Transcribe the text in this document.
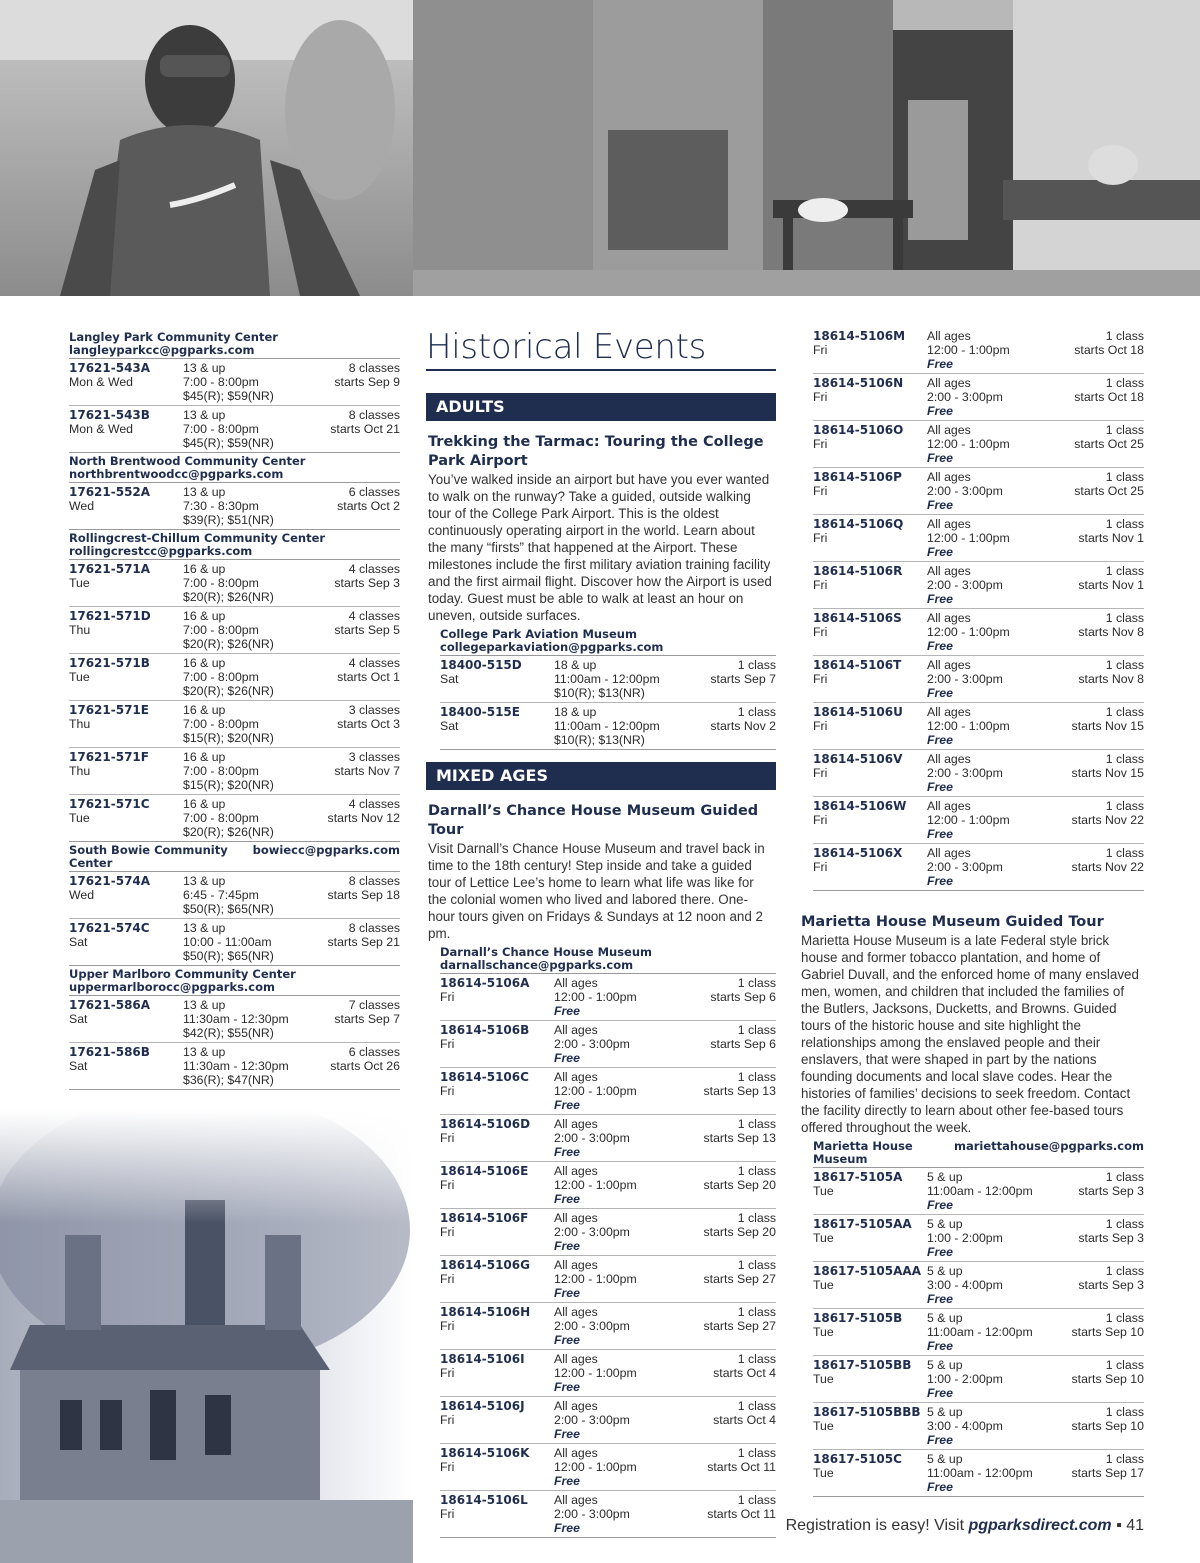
Langley Park Community Center
langleyparkcc@pgparks.com
17621-543A
Mon & Wed
13 & up
7:00 - 8:00pm
$45(R); $59(NR)
8 classes
starts Sep 9
17621-543B
Mon & Wed
13 & up
7:00 - 8:00pm
$45(R); $59(NR)
8 classes
starts Oct 21
North Brentwood Community Center
northbrentwoodcc@pgparks.com
17621-552A
Wed
13 & up
7:30 - 8:30pm
$39(R); $51(NR)
6 classes
starts Oct 2
Rollingcrest-Chillum Community Center
rollingcrestcc@pgparks.com
17621-571A
Tue
16 & up
7:00 - 8:00pm
$20(R); $26(NR)
4 classes
starts Sep 3
17621-571D
Thu
16 & up
7:00 - 8:00pm
$20(R); $26(NR)
4 classes
starts Sep 5
17621-571B
Tue
16 & up
7:00 - 8:00pm
$20(R); $26(NR)
4 classes
starts Oct 1
17621-571E
Thu
16 & up
7:00 - 8:00pm
$15(R); $20(NR)
3 classes
starts Oct 3
17621-571F
Thu
16 & up
7:00 - 8:00pm
$15(R); $20(NR)
3 classes
starts Nov 7
17621-571C
Tue
16 & up
7:00 - 8:00pm
$20(R); $26(NR)
4 classes
starts Nov 12
South Bowie Community Center
bowiecc@pgparks.com
17621-574A
Wed
13 & up
6:45 - 7:45pm
$50(R); $65(NR)
8 classes
starts Sep 18
17621-574C
Sat
13 & up
10:00 - 11:00am
$50(R); $65(NR)
8 classes
starts Sep 21
Upper Marlboro Community Center
uppermarlborocc@pgparks.com
17621-586A
Sat
13 & up
11:30am - 12:30pm
$42(R); $55(NR)
7 classes
starts Sep 7
17621-586B
Sat
13 & up
11:30am - 12:30pm
$36(R); $47(NR)
6 classes
starts Oct 26
Historical Events
ADULTS
Trekking the Tarmac: Touring the College Park Airport
You’ve walked inside an airport but have you ever wanted to walk on the runway? Take a guided, outside walking tour of the College Park Airport. This is the oldest continuously operating airport in the world. Learn about the many “firsts” that happened at the Airport. These milestones include the first military aviation training facility and the first airmail flight. Discover how the Airport is used today. Guest must be able to walk at least an hour on uneven, outside surfaces.
College Park Aviation Museum
collegeparkaviation@pgparks.com
18400-515D
Sat
18 & up
11:00am - 12:00pm
$10(R); $13(NR)
1 class
starts Sep 7
18400-515E
Sat
18 & up
11:00am - 12:00pm
$10(R); $13(NR)
1 class
starts Nov 2
MIXED AGES
Darnall’s Chance House Museum Guided Tour
Visit Darnall’s Chance House Museum and travel back in time to the 18th century! Step inside and take a guided tour of Lettice Lee’s home to learn what life was like for the colonial women who lived and labored there. One-hour tours given on Fridays & Sundays at 12 noon and 2 pm.
Darnall’s Chance House Museum
darnallschance@pgparks.com
18614-5106A
Fri
All ages
12:00 - 1:00pm
Free
1 class
starts Sep 6
18614-5106B
Fri
All ages
2:00 - 3:00pm
Free
1 class
starts Sep 6
18614-5106C
Fri
All ages
12:00 - 1:00pm
Free
1 class
starts Sep 13
18614-5106D
Fri
All ages
2:00 - 3:00pm
Free
1 class
starts Sep 13
18614-5106E
Fri
All ages
12:00 - 1:00pm
Free
1 class
starts Sep 20
18614-5106F
Fri
All ages
2:00 - 3:00pm
Free
1 class
starts Sep 20
18614-5106G
Fri
All ages
12:00 - 1:00pm
Free
1 class
starts Sep 27
18614-5106H
Fri
All ages
2:00 - 3:00pm
Free
1 class
starts Sep 27
18614-5106I
Fri
All ages
12:00 - 1:00pm
Free
1 class
starts Oct 4
18614-5106J
Fri
All ages
2:00 - 3:00pm
Free
1 class
starts Oct 4
18614-5106K
Fri
All ages
12:00 - 1:00pm
Free
1 class
starts Oct 11
18614-5106L
Fri
All ages
2:00 - 3:00pm
Free
1 class
starts Oct 11
18614-5106M
Fri
All ages
12:00 - 1:00pm
Free
1 class
starts Oct 18
18614-5106N
Fri
All ages
2:00 - 3:00pm
Free
1 class
starts Oct 18
18614-5106O
Fri
All ages
12:00 - 1:00pm
Free
1 class
starts Oct 25
18614-5106P
Fri
All ages
2:00 - 3:00pm
Free
1 class
starts Oct 25
18614-5106Q
Fri
All ages
12:00 - 1:00pm
Free
1 class
starts Nov 1
18614-5106R
Fri
All ages
2:00 - 3:00pm
Free
1 class
starts Nov 1
18614-5106S
Fri
All ages
12:00 - 1:00pm
Free
1 class
starts Nov 8
18614-5106T
Fri
All ages
2:00 - 3:00pm
Free
1 class
starts Nov 8
18614-5106U
Fri
All ages
12:00 - 1:00pm
Free
1 class
starts Nov 15
18614-5106V
Fri
All ages
2:00 - 3:00pm
Free
1 class
starts Nov 15
18614-5106W
Fri
All ages
12:00 - 1:00pm
Free
1 class
starts Nov 22
18614-5106X
Fri
All ages
2:00 - 3:00pm
Free
1 class
starts Nov 22
Marietta House Museum Guided Tour
Marietta House Museum is a late Federal style brick house and former tobacco plantation, and home of Gabriel Duvall, and the enforced home of many enslaved men, women, and children that included the families of the Butlers, Jacksons, Ducketts, and Browns. Guided tours of the historic house and site highlight the relationships among the enslaved people and their enslavers, that were shaped in part by the nations founding documents and local slave codes. Hear the histories of families’ decisions to seek freedom. Contact the facility directly to learn about other fee-based tours offered throughout the week.
Marietta House Museum
mariettahouse@pgparks.com
18617-5105A
Tue
5 & up
11:00am - 12:00pm
Free
1 class
starts Sep 3
18617-5105AA
Tue
5 & up
1:00 - 2:00pm
Free
1 class
starts Sep 3
18617-5105AAA
Tue
5 & up
3:00 - 4:00pm
Free
1 class
starts Sep 3
18617-5105B
Tue
5 & up
11:00am - 12:00pm
Free
1 class
starts Sep 10
18617-5105BB
Tue
5 & up
1:00 - 2:00pm
Free
1 class
starts Sep 10
18617-5105BBB
Tue
5 & up
3:00 - 4:00pm
Free
1 class
starts Sep 10
18617-5105C
Tue
5 & up
11:00am - 12:00pm
Free
1 class
starts Sep 17
Registration is easy! Visit pgparksdirect.com ▪ 41
